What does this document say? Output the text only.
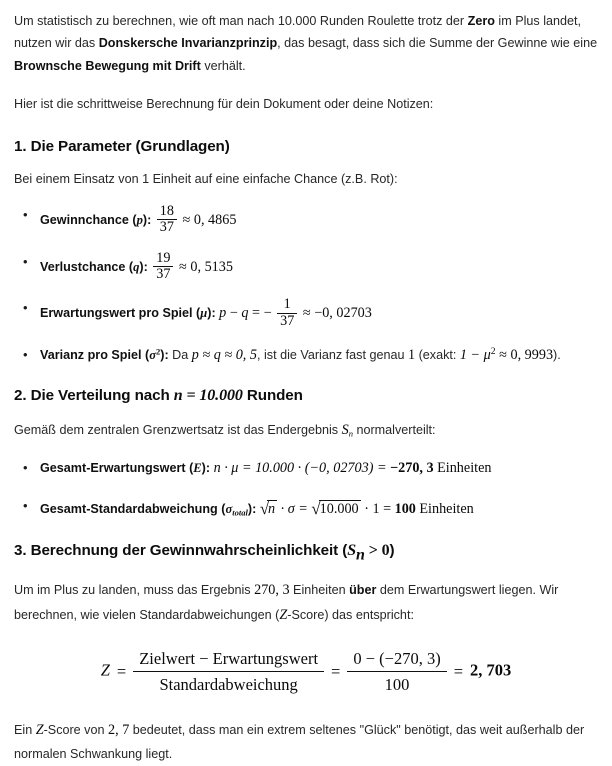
Um statistisch zu berechnen, wie oft man nach 10.000 Runden Roulette trotz der Zero im Plus landet, nutzen wir das Donskersche Invarianzprinzip, das besagt, dass sich die Summe der Gewinne wie eine Brownsche Bewegung mit Drift verhält.

Hier ist die schrittweise Berechnung für dein Dokument oder deine Notizen:

1. Die Parameter (Grundlagen)

Bei einem Einsatz von 1 Einheit auf eine einfache Chance (z.B. Rot):

• Gewinnchance (p): $\frac{18}{37} \approx 0$, 4865
• Verlustchance (q): $\frac{19}{37} \approx 0$, 5135
• Erwartungswert pro Spiel (μ): p − q = − $\frac{1}{37} \approx -0$, 02703
• Varianz pro Spiel $(\sigma^2)$: Da p ≈ q ≈ 0, 5, ist die Varianz fast genau 1 (exakt: $1 - \mu^2 \approx 0$, 9993).
2. Die Verteilung nach n = 10.000 Runden

Gemäß dem zentralen Grenzwertsatz ist das Endergebnis $S_n$ normalverteilt:

• Gesamt-Erwartungswert (E): n · μ = 10.000 · (−0, 02703) = −270, 3 Einheiten
• Gesamt-Standardabweichung $(\sigma_{total})$: √n · σ = √10.000 · 1 = 100 Einheiten
3. Berechnung der Gewinnwahrscheinlichkeit (Sn > 0)

Um im Plus zu landen, muss das Ergebnis 270, 3 Einheiten über dem Erwartungswert liegen. Wir berechnen, wie vielen Standardabweichungen (Z-Score) das entspricht:

$Z = \frac{\text{Zielwert − Erwartungswert}}{\text{Standardabweichung}} = \frac{0 - (-270, 3)}{100} = 2$, 703

Ein Z-Score von 2, 7 bedeutet, dass man ein extrem seltenes "Glück" benötigt, das weit außerhalb der normalen Schwankung liegt.
